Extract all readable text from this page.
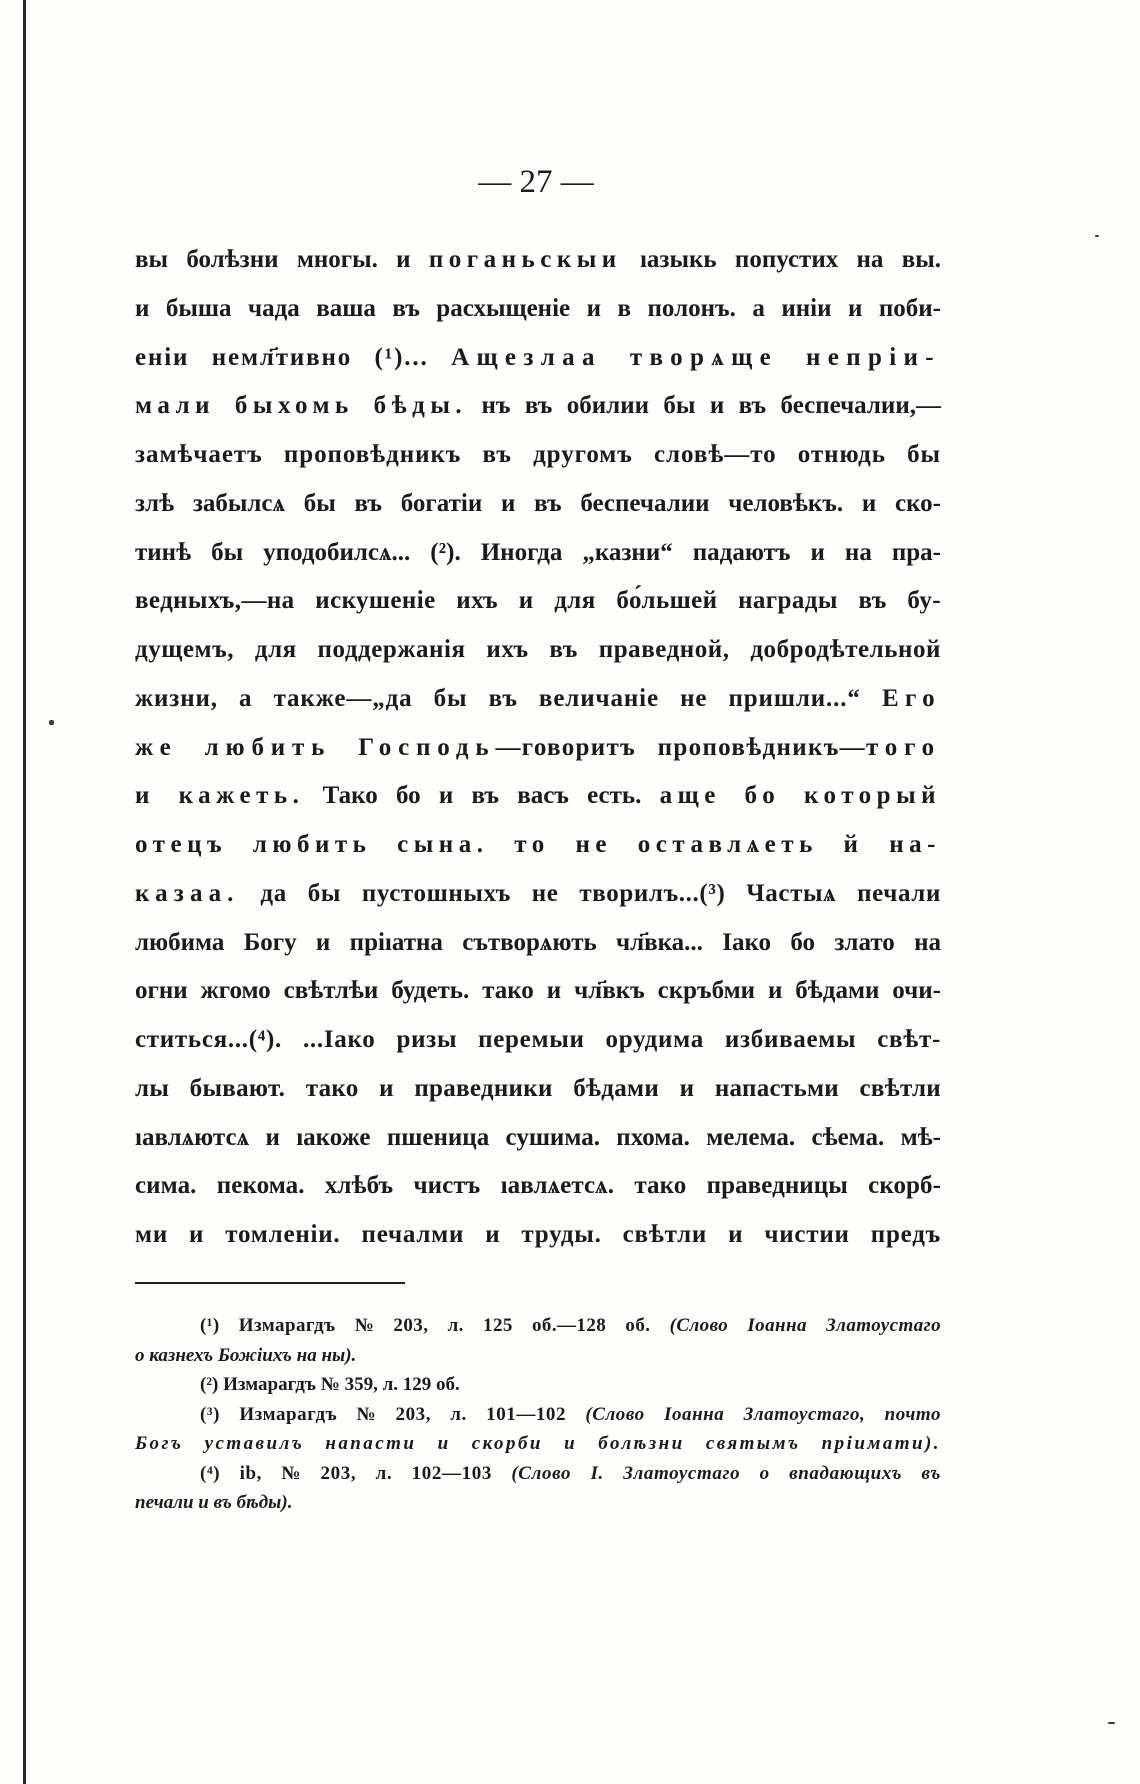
— 27 —
вы болѣзни многы. и поганьскыи ıазыкь попустих на вы.
и быша чада ваша въ расхыщеніе и в полонъ. а иніи и поби-
еніи немл҃тивно (¹)... Ащезлаа творѧще непріи-
мали быхомь бѣды. нъ въ обилии бы и въ беспечалии,—
замѣчаетъ проповѣдникъ въ другомъ словѣ—то отнюдь бы
злѣ забылсѧ бы въ богатіи и въ беспечалии человѣкъ. и ско-
тинѣ бы уподобилсѧ... (²). Иногда „казни“ падаютъ и на пра-
ведныхъ,—на искушеніе ихъ и для бо́льшей награды въ бу-
дущемъ, для поддержанія ихъ въ праведной, добродѣтельной
жизни, а также—„да бы въ величаніе не пришли...“ Его
же любить Господь—говоритъ проповѣдникъ—того
и кажеть. Тако бо и въ васъ есть. аще бо который
отецъ любить сына. то не оставлѧеть й на-
казаа. да бы пустошныхъ не творилъ...(³) Частыѧ печали
любима Богу и пріıатна сътворѧють чл҃вка... Іако бо злато на
огни жгомо свѣтлѣи будеть. тако и чл҃вкъ скръбми и бѣдами очи-
ститься...(⁴). ...Іако ризы перемыи орудима избиваемы свѣт-
лы бывают. тако и праведники бѣдами и напастьми свѣтли
ıавлѧютсѧ и ıакоже пшеница сушима. пхома. мелема. сѣема. мѣ-
сима. пекома. хлѣбъ чистъ ıавлѧетсѧ. тако праведницы скорб-
ми и томленіи. печалми и труды. свѣтли и чистии предъ
(¹) Измарагдъ № 203, л. 125 об.—128 об. (Слово Іоанна Златоустаго
о казнехъ Божіихъ на ны).
(²) Измарагдъ № 359, л. 129 об.
(³) Измарагдъ № 203, л. 101—102 (Слово Іоанна Златоустаго, почто
Богъ уставилъ напасти и скорби и болѣзни святымъ пріимати).
(⁴) ib, № 203, л. 102—103 (Слово І. Златоустаго о впадающихъ въ
печали и въ бѣды).
